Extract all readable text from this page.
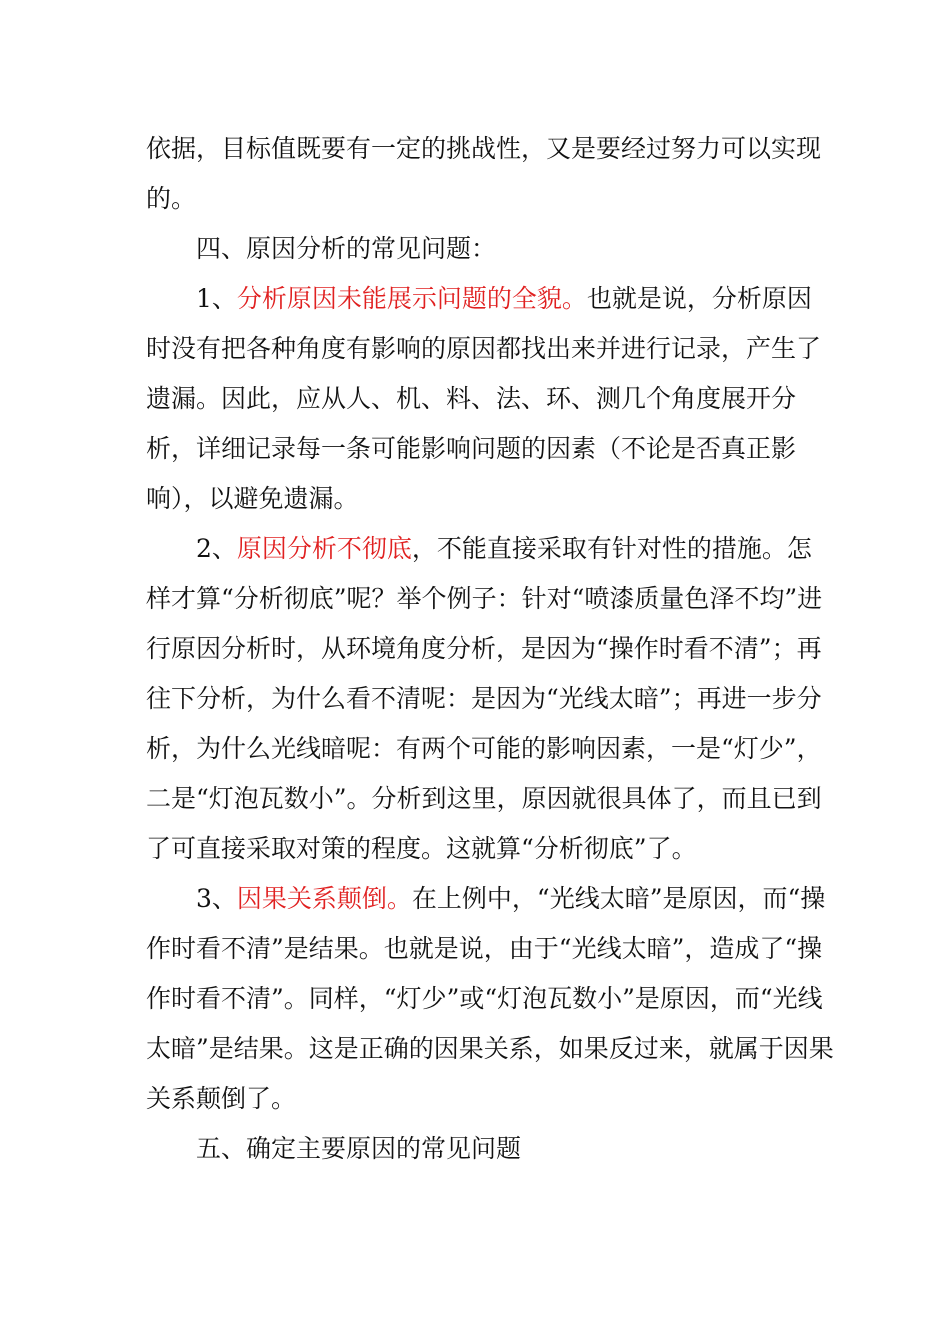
依据，目标值既要有一定的挑战性，又是要经过努力可以实现
的。
四、原因分析的常见问题：
1、分析原因未能展示问题的全貌。也就是说，分析原因
时没有把各种角度有影响的原因都找出来并进行记录，产生了
遗漏。因此，应从人、机、料、法、环、测几个角度展开分
析，详细记录每一条可能影响问题的因素（不论是否真正影
响），以避免遗漏。
2、原因分析不彻底，不能直接采取有针对性的措施。怎
样才算“分析彻底”呢？举个例子：针对“喷漆质量色泽不均”进
行原因分析时，从环境角度分析，是因为“操作时看不清”；再
往下分析，为什么看不清呢：是因为“光线太暗”；再进一步分
析，为什么光线暗呢：有两个可能的影响因素，一是“灯少”，
二是“灯泡瓦数小”。分析到这里，原因就很具体了，而且已到
了可直接采取对策的程度。这就算“分析彻底”了。
3、因果关系颠倒。在上例中，“光线太暗”是原因，而“操
作时看不清”是结果。也就是说，由于“光线太暗”，造成了“操
作时看不清”。同样，“灯少”或“灯泡瓦数小”是原因，而“光线
太暗”是结果。这是正确的因果关系，如果反过来，就属于因果
关系颠倒了。
五、确定主要原因的常见问题
